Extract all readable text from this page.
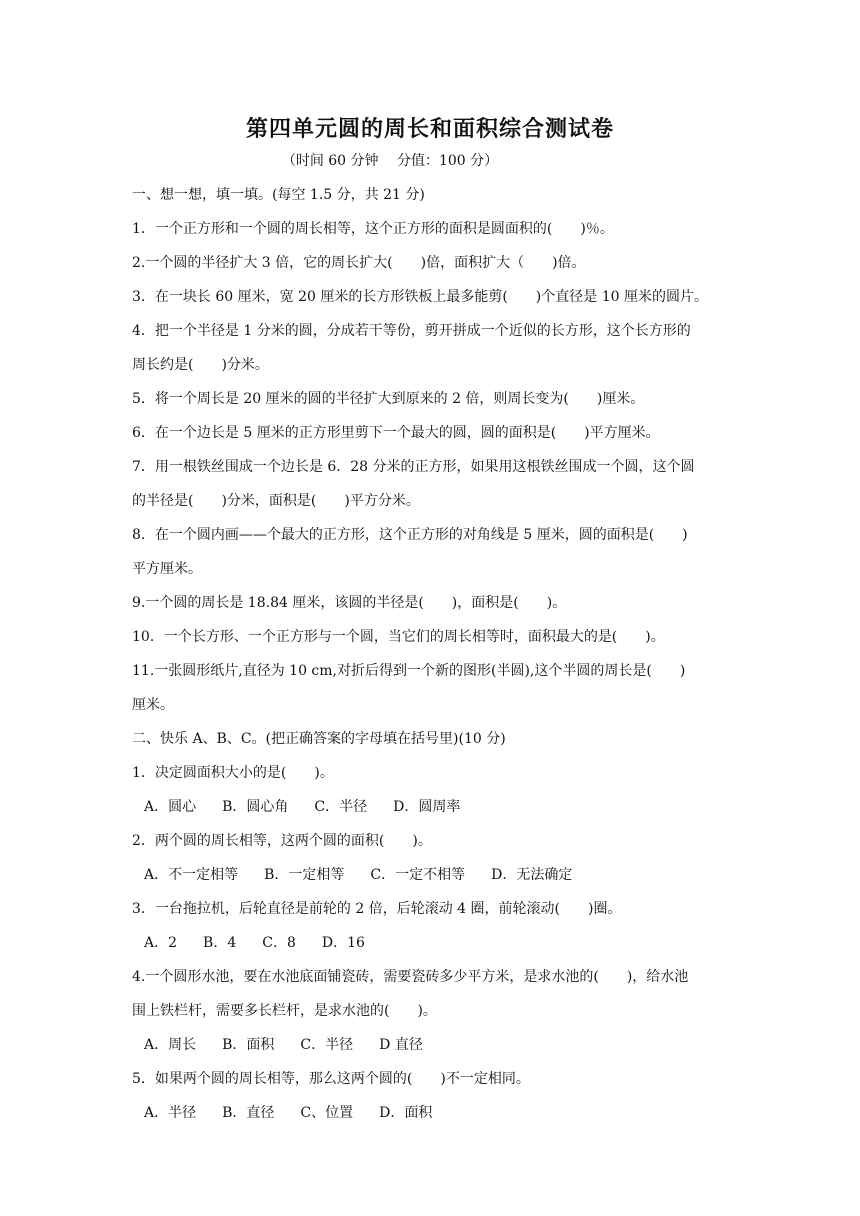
第四单元圆的周长和面积综合测试卷
（时间 60 分钟　 分值：100 分）
一、想一想，填一填。(每空 1.5 分，共 21 分)
1．一个正方形和一个圆的周长相等，这个正方形的面积是圆面积的(　　)％。
2.一个圆的半径扩大 3 倍，它的周长扩大(　　)倍，面积扩大（　　)倍。
3．在一块长 60 厘米，宽 20 厘米的长方形铁板上最多能剪(　　)个直径是 10 厘米的圆片。
4．把一个半径是 1 分米的圆，分成若干等份，剪开拼成一个近似的长方形，这个长方形的
周长约是(　　)分米。
5．将一个周长是 20 厘米的圆的半径扩大到原来的 2 倍，则周长变为(　　)厘米。
6．在一个边长是 5 厘米的正方形里剪下一个最大的圆，圆的面积是(　　)平方厘米。
7．用一根铁丝围成一个边长是 6．28 分米的正方形，如果用这根铁丝围成一个圆，这个圆
的半径是(　　)分米，面积是(　　)平方分米。
8．在一个圆内画——个最大的正方形，这个正方形的对角线是 5 厘米，圆的面积是(　　)
平方厘米。
9.一个圆的周长是 18.84 厘米，该圆的半径是(　　)，面积是(　　)。
10．一个长方形、一个正方形与一个圆，当它们的周长相等时，面积最大的是(　　)。
11.一张圆形纸片,直径为 10 cm,对折后得到一个新的图形(半圆),这个半圆的周长是(　　)
厘米。
二、快乐 A、B、C。(把正确答案的字母填在括号里)(10 分)
1．决定圆面积大小的是(　　)。
A．圆心 B．圆心角 C．半径 D．圆周率
2．两个圆的周长相等，这两个圆的面积(　　)。
A．不一定相等 B．一定相等 C．一定不相等 D．无法确定
3．一台拖拉机，后轮直径是前轮的 2 倍，后轮滚动 4 圈，前轮滚动(　　)圈。
A．2 B．4 C．8 D．16
4.一个圆形水池，要在水池底面铺瓷砖，需要瓷砖多少平方米，是求水池的(　　)，给水池
围上铁栏杆，需要多长栏杆，是求水池的(　　)。
A．周长 B．面积 C．半径 D 直径
5．如果两个圆的周长相等，那么这两个圆的(　　)不一定相同。
A．半径 B．直径 C、位置 D．面积
